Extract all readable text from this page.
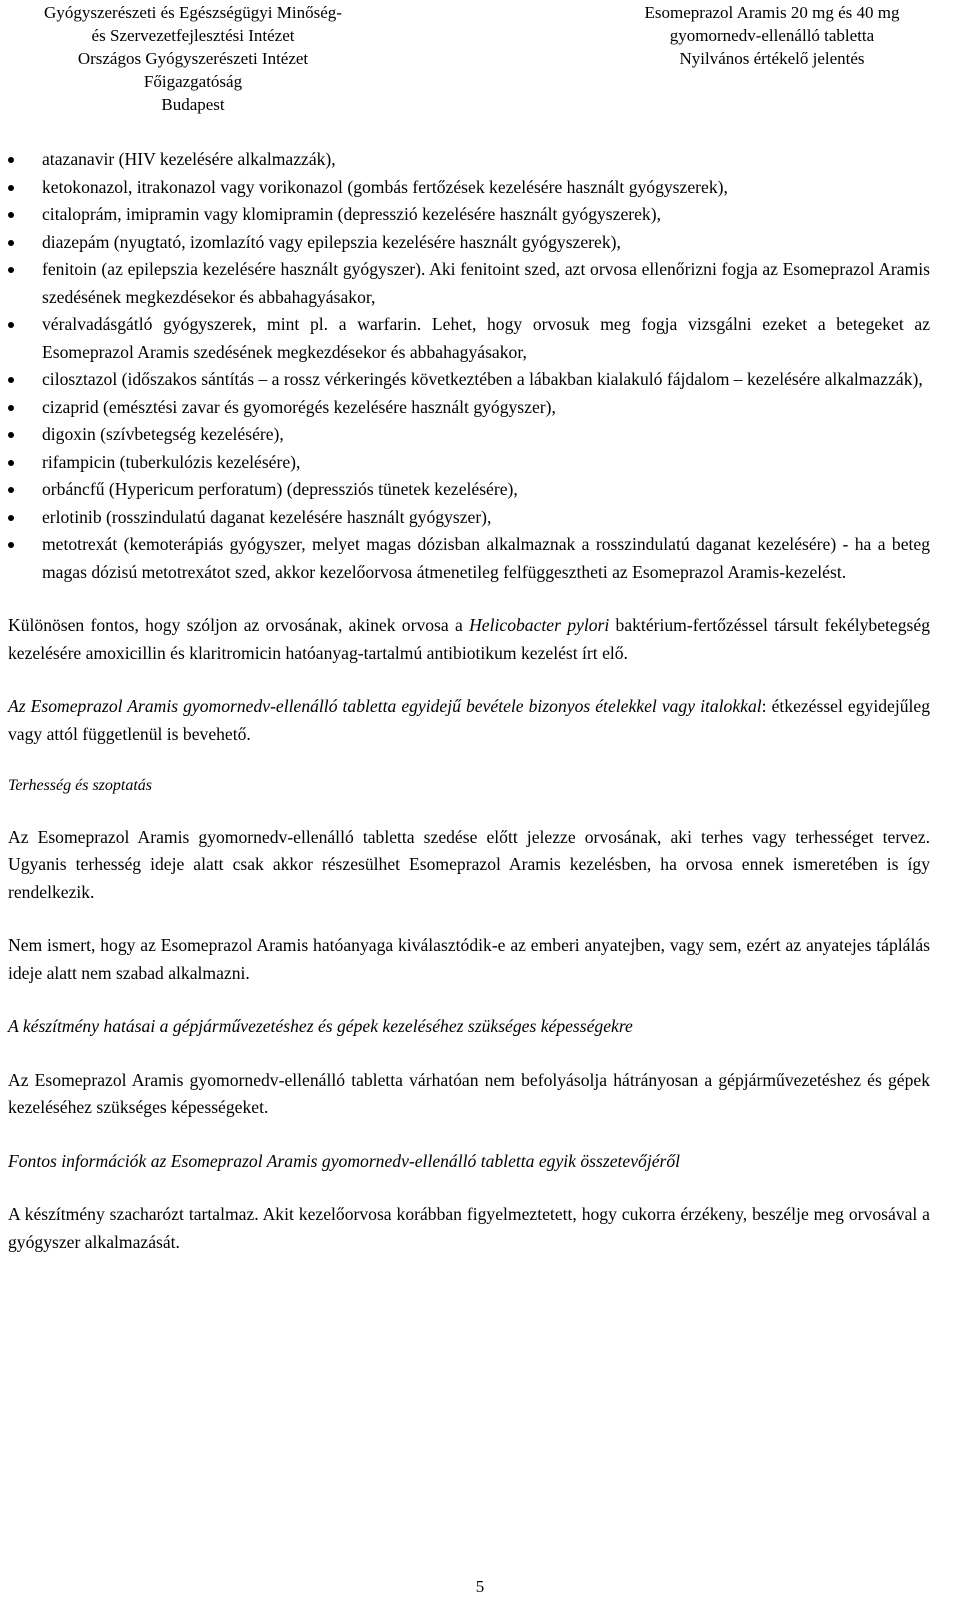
Gyógyszerészeti és Egészségügyi Minőség-
és Szervezetfejlesztési Intézet
Országos Gyógyszerészeti Intézet
Főigazgatóság
Budapest
Esomeprazol Aramis 20 mg és 40 mg
gyomornedv-ellenálló tabletta
Nyilvános értékelő jelentés
atazanavir (HIV kezelésére alkalmazzák),
ketokonazol, itrakonazol vagy vorikonazol (gombás fertőzések kezelésére használt gyógyszerek),
citaloprám, imipramin vagy klomipramin (depresszió kezelésére használt gyógyszerek),
diazepám (nyugtató, izomlazító vagy epilepszia kezelésére használt gyógyszerek),
fenitoin (az epilepszia kezelésére használt gyógyszer). Aki fenitoint szed, azt orvosa ellenőrizni fogja az Esomeprazol Aramis szedésének megkezdésekor és abbahagyásakor,
véralvadásgátló gyógyszerek, mint pl. a warfarin. Lehet, hogy orvosuk meg fogja vizsgálni ezeket a betegeket az Esomeprazol Aramis szedésének megkezdésekor és abbahagyásakor,
cilosztazol (időszakos sántítás – a rossz vérkeringés következtében a lábakban kialakuló fájdalom – kezelésére alkalmazzák),
cizaprid (emésztési zavar és gyomorégés kezelésére használt gyógyszer),
digoxin (szívbetegség kezelésére),
rifampicin (tuberkulózis kezelésére),
orbáncfű (Hypericum perforatum) (depressziós tünetek kezelésére),
erlotinib (rosszindulatú daganat kezelésére használt gyógyszer),
metotrexát (kemoterápiás gyógyszer, melyet magas dózisban alkalmaznak a rosszindulatú daganat kezelésére) - ha a beteg magas dózisú metotrexátot szed, akkor kezelőorvosa átmenetileg felfüggesztheti az Esomeprazol Aramis-kezelést.

Különösen fontos, hogy szóljon az orvosának, akinek orvosa a Helicobacter pylori baktérium-fertőzéssel társult fekélybetegség kezelésére amoxicillin és klaritromicin hatóanyag-tartalmú antibiotikum kezelést írt elő.

Az Esomeprazol Aramis gyomornedv-ellenálló tabletta egyidejű bevétele bizonyos ételekkel vagy italokkal: étkezéssel egyidejűleg vagy attól függetlenül is bevehető.

Terhesség és szoptatás

Az Esomeprazol Aramis gyomornedv-ellenálló tabletta szedése előtt jelezze orvosának, aki terhes vagy terhességet tervez. Ugyanis terhesség ideje alatt csak akkor részesülhet Esomeprazol Aramis kezelésben, ha orvosa ennek ismeretében is így rendelkezik.

Nem ismert, hogy az Esomeprazol Aramis hatóanyaga kiválasztódik-e az emberi anyatejben, vagy sem, ezért az anyatejes táplálás ideje alatt nem szabad alkalmazni.

A készítmény hatásai a gépjárművezetéshez és gépek kezeléséhez szükséges képességekre

Az Esomeprazol Aramis gyomornedv-ellenálló tabletta várhatóan nem befolyásolja hátrányosan a gépjárművezetéshez és gépek kezeléséhez szükséges képességeket.

Fontos információk az Esomeprazol Aramis gyomornedv-ellenálló tabletta egyik összetevőjéről

A készítmény szacharózt tartalmaz. Akit kezelőorvosa korábban figyelmeztetett, hogy cukorra érzékeny, beszélje meg orvosával a gyógyszer alkalmazását.

5
